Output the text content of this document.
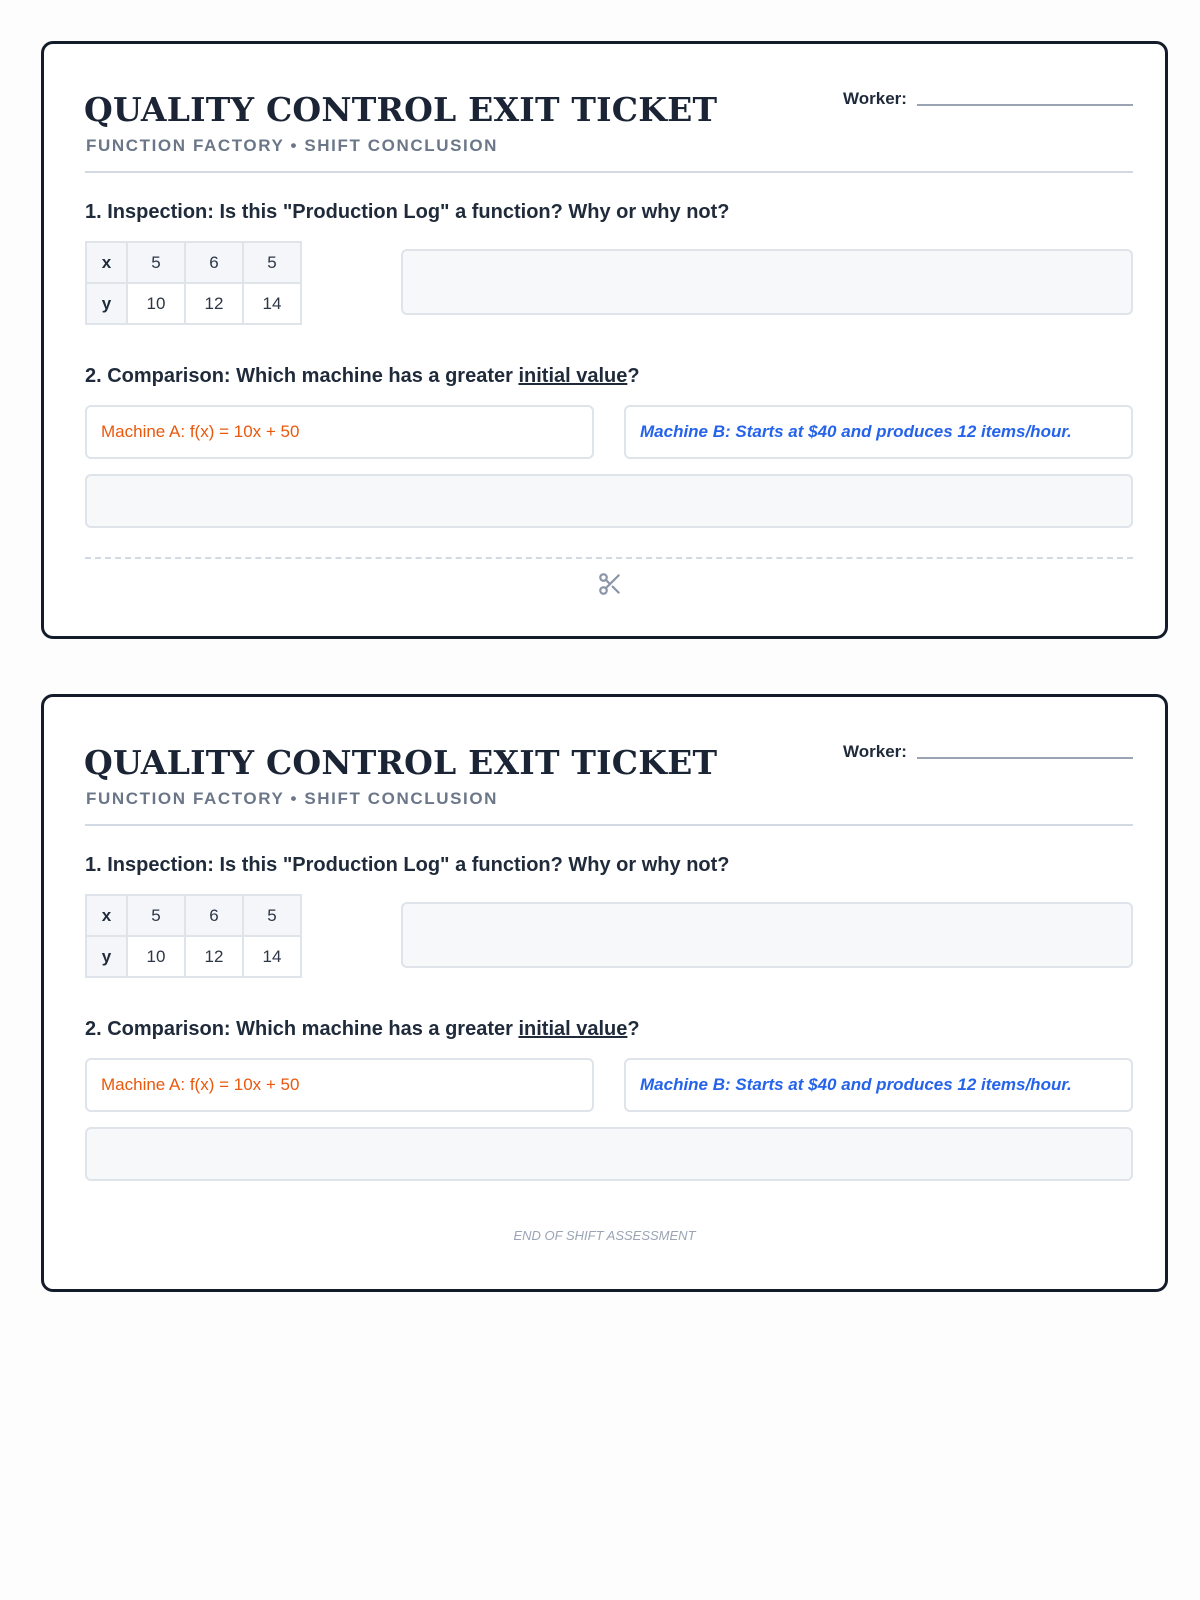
QUALITY CONTROL EXIT TICKET
FUNCTION FACTORY • SHIFT CONCLUSION
Worker:
1. Inspection: Is this "Production Log" a function? Why or why not?
x	5	6	5
y	10	12	14
2. Comparison: Which machine has a greater initial value?
Machine A: f(x) = 10x + 50	Machine B: Starts at $40 and produces 12 items/hour.
QUALITY CONTROL EXIT TICKET
FUNCTION FACTORY • SHIFT CONCLUSION
Worker:
1. Inspection: Is this "Production Log" a function? Why or why not?
x	5	6	5
y	10	12	14
2. Comparison: Which machine has a greater initial value?
Machine A: f(x) = 10x + 50	Machine B: Starts at $40 and produces 12 items/hour.
END OF SHIFT ASSESSMENT
